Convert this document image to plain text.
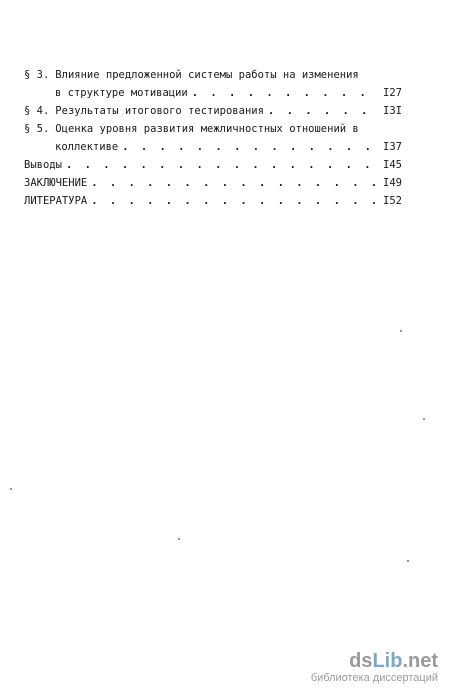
§ 3. Влияние предложенной системы работы на изменения
в структуре мотивации . . .	I27
§ 4. Результаты итогового тестирования . . .	I3I
§ 5. Оценка уровня развития межличностных отношений в
коллективе . . .	I37
Выводы . . .	I45
ЗАКЛЮЧЕНИЕ . . .	I49
ЛИТЕРАТУРА . . .	I52
dsLib.net
библиотека диссертаций
